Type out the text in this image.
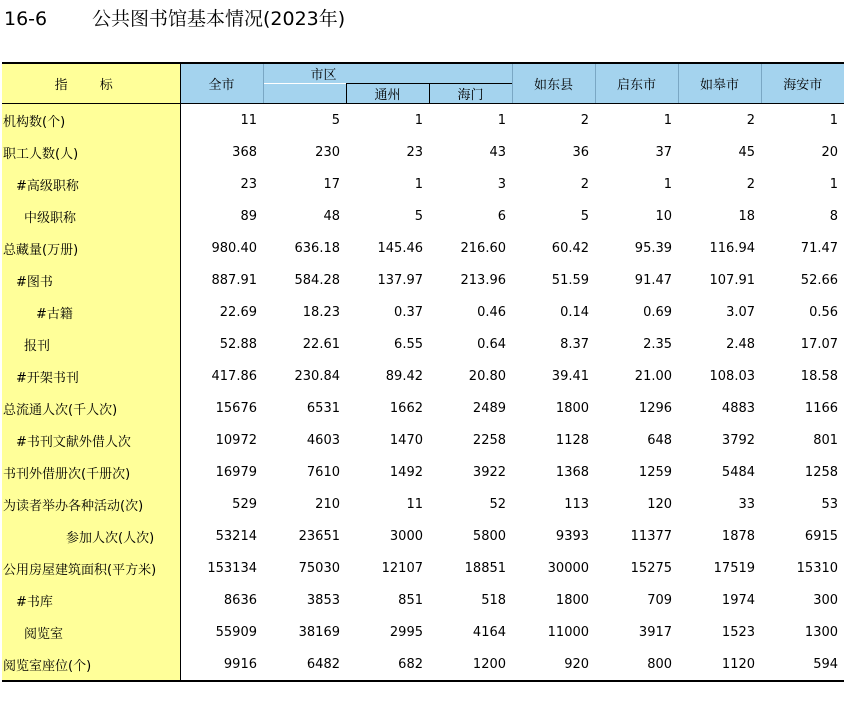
16-6 公共图书馆基本情况(2023年)
指 标	全市	市区			如东县	启东市	如皋市	海安市
			通州	海门				
机构数(个)	11	5	1	1	2	1	2	1
职工人数(人)	368	230	23	43	36	37	45	20
#高级职称	23	17	1	3	2	1	2	1
中级职称	89	48	5	6	5	10	18	8
总藏量(万册)	980.40	636.18	145.46	216.60	60.42	95.39	116.94	71.47
#图书	887.91	584.28	137.97	213.96	51.59	91.47	107.91	52.66
#古籍	22.69	18.23	0.37	0.46	0.14	0.69	3.07	0.56
报刊	52.88	22.61	6.55	0.64	8.37	2.35	2.48	17.07
#开架书刊	417.86	230.84	89.42	20.80	39.41	21.00	108.03	18.58
总流通人次(千人次)	15676	6531	1662	2489	1800	1296	4883	1166
#书刊文献外借人次	10972	4603	1470	2258	1128	648	3792	801
书刊外借册次(千册次)	16979	7610	1492	3922	1368	1259	5484	1258
为读者举办各种活动(次)	529	210	11	52	113	120	33	53
参加人次(人次)	53214	23651	3000	5800	9393	11377	1878	6915
公用房屋建筑面积(平方米)	153134	75030	12107	18851	30000	15275	17519	15310
#书库	8636	3853	851	518	1800	709	1974	300
阅览室	55909	38169	2995	4164	11000	3917	1523	1300
阅览室座位(个)	9916	6482	682	1200	920	800	1120	594
